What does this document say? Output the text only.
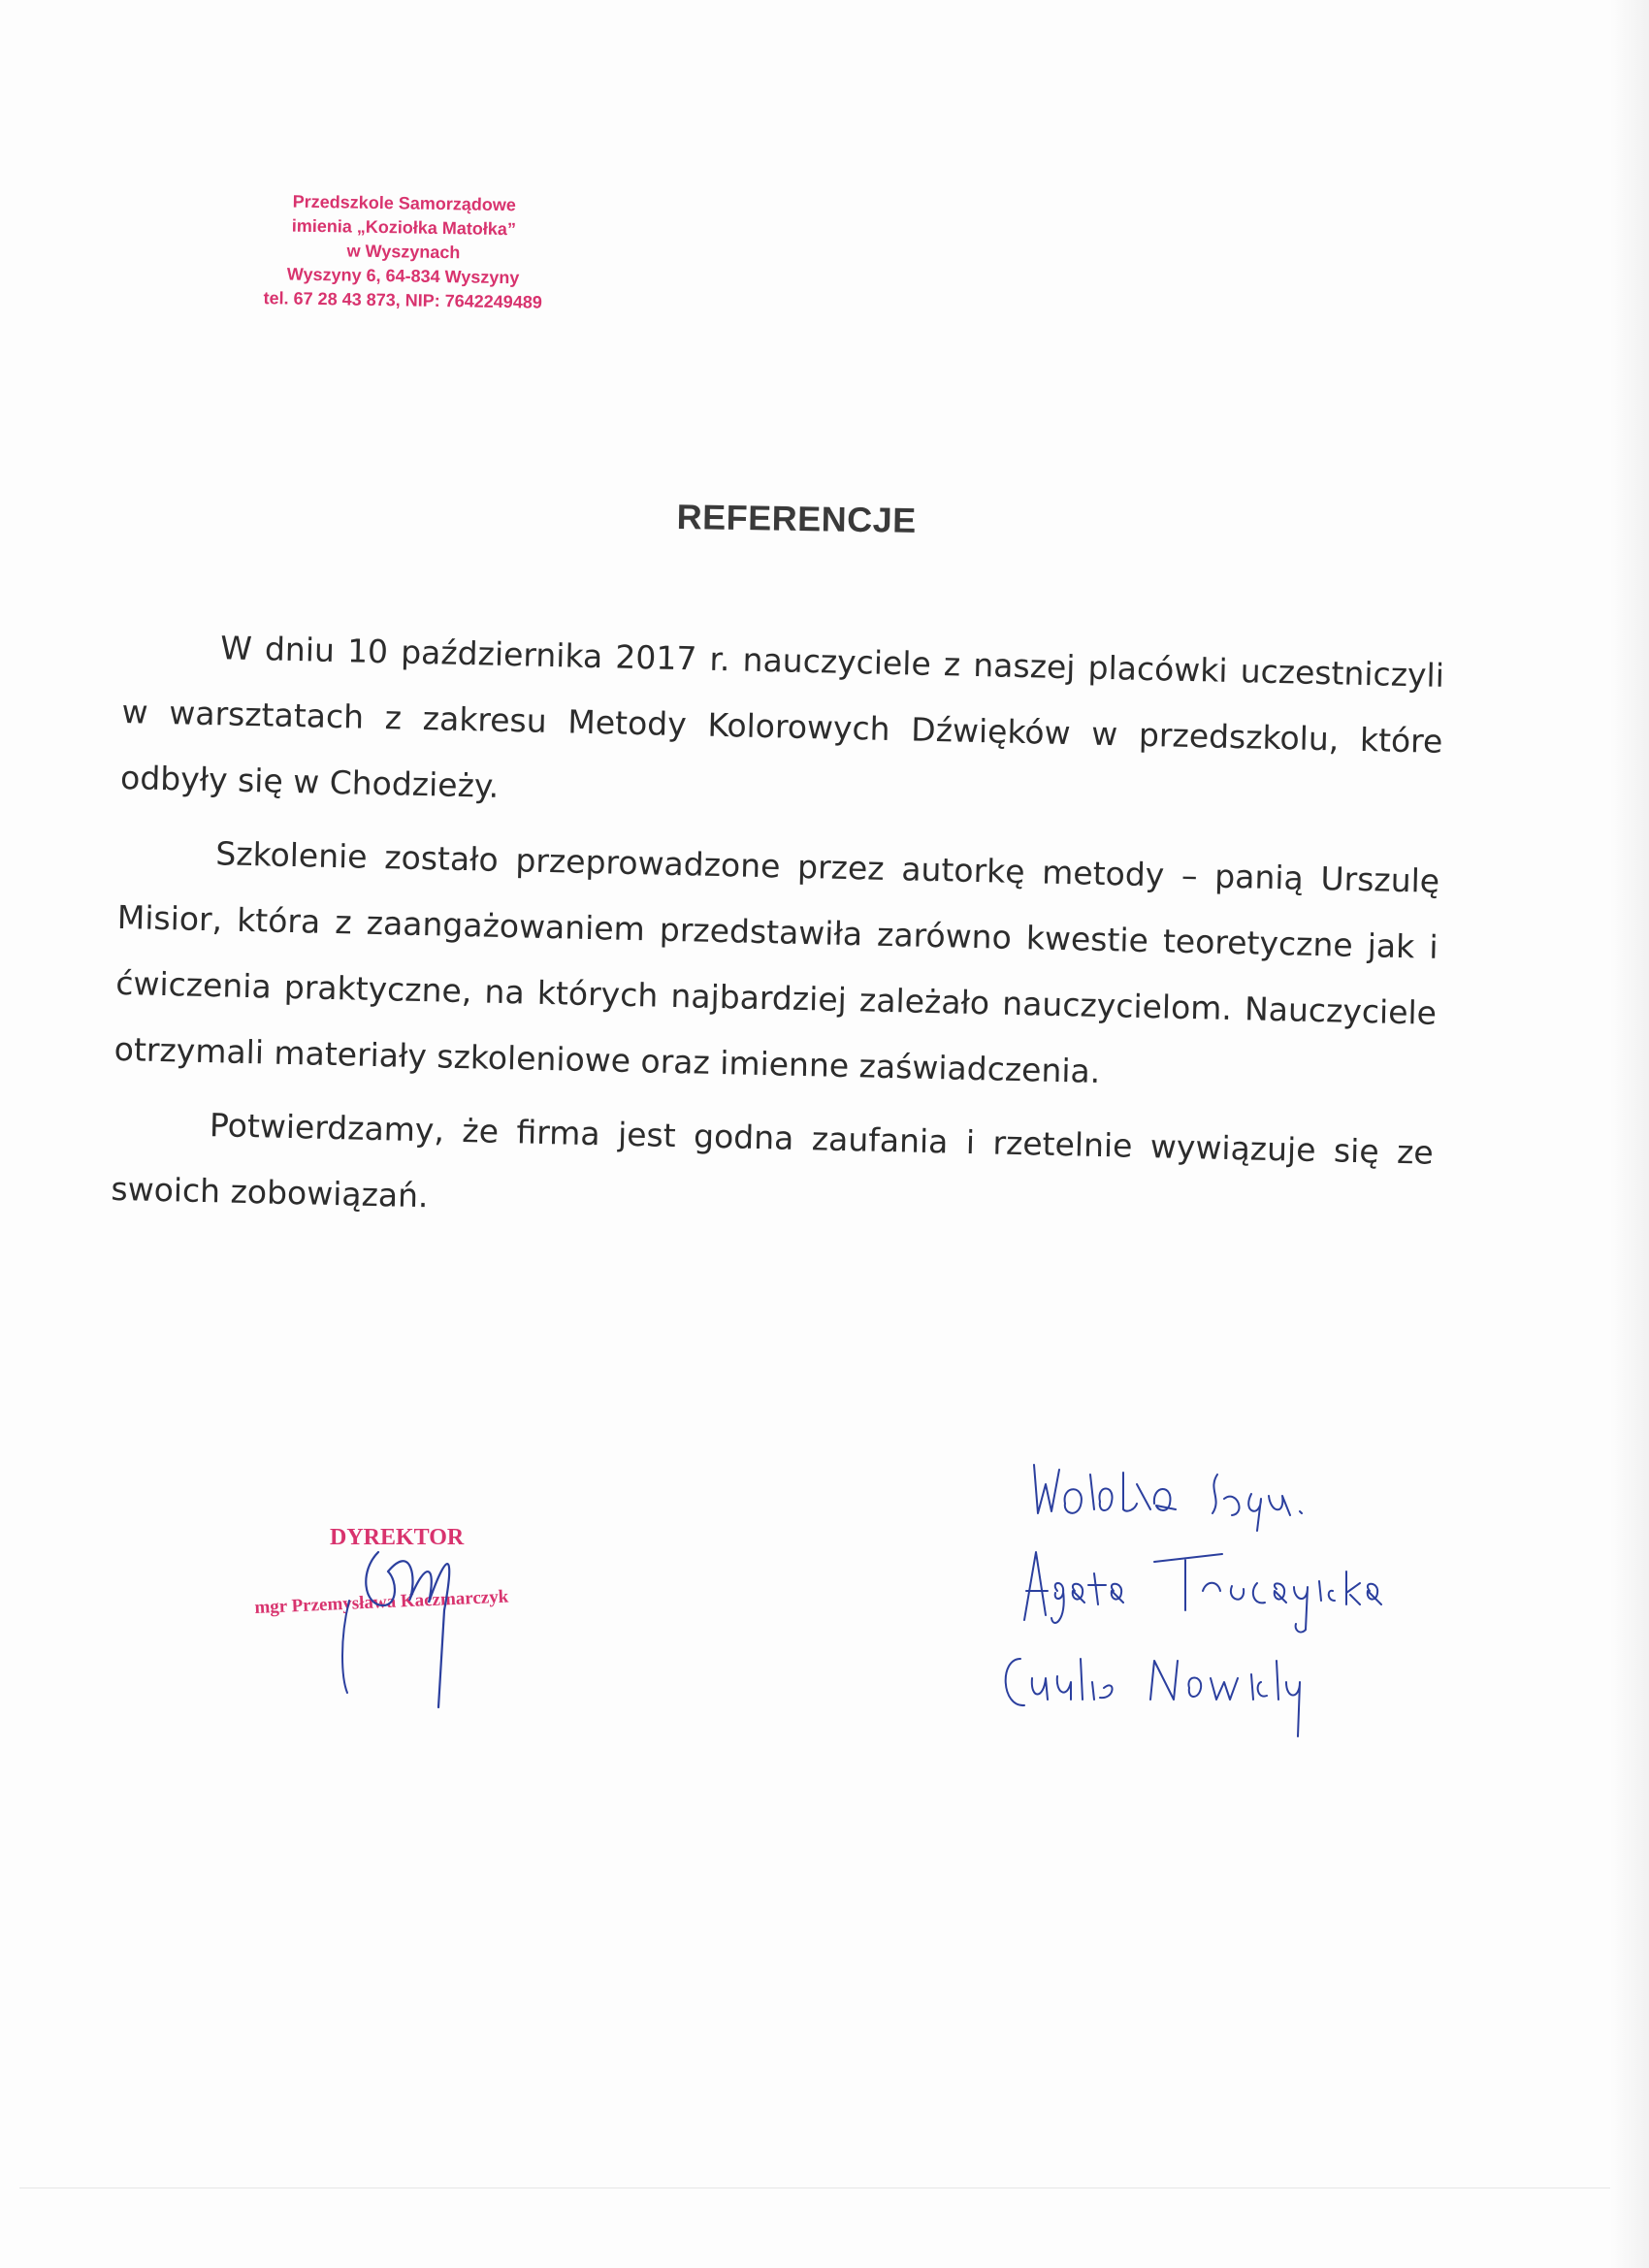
Przedszkole Samorządowe
imienia „Koziołka Matołka”
w Wyszynach
Wyszyny 6, 64-834 Wyszyny
tel. 67 28 43 873, NIP: 7642249489
REFERENCJE

W dniu 10 października 2017 r. nauczyciele z naszej placówki uczestniczyli w warsztatach z zakresu Metody Kolorowych Dźwięków w przedszkolu, które odbyły się w Chodzieży.

Szkolenie zostało przeprowadzone przez autorkę metody – panią Urszulę Misior, która z zaangażowaniem przedstawiła zarówno kwestie teoretyczne jak i ćwiczenia praktyczne, na których najbardziej zależało nauczycielom. Nauczyciele otrzymali materiały szkoleniowe oraz imienne zaświadczenia.

Potwierdzamy, że firma jest godna zaufania i rzetelnie wywiązuje się ze swoich zobowiązań.

DYREKTOR
mgr Przemysława Kaczmarczyk
